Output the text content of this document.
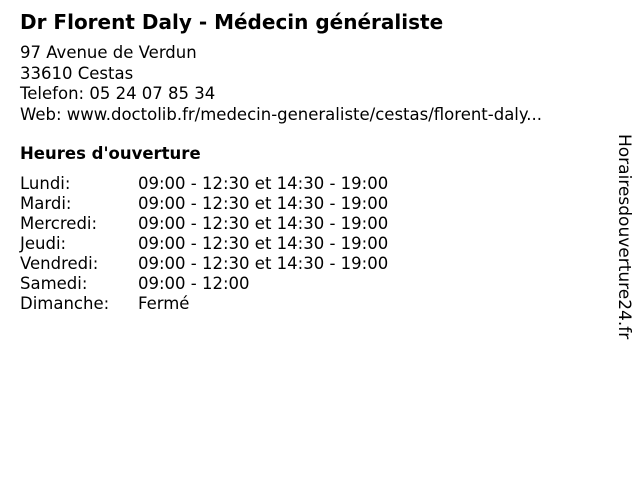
Dr Florent Daly - Médecin généraliste
97 Avenue de Verdun
33610 Cestas
Telefon: 05 24 07 85 34
Web: www.doctolib.fr/medecin-generaliste/cestas/florent-daly...
Heures d'ouverture
Lundi:	09:00 - 12:30 et 14:30 - 19:00
Mardi:	09:00 - 12:30 et 14:30 - 19:00
Mercredi:	09:00 - 12:30 et 14:30 - 19:00
Jeudi:	09:00 - 12:30 et 14:30 - 19:00
Vendredi:	09:00 - 12:30 et 14:30 - 19:00
Samedi:	09:00 - 12:00
Dimanche:	Fermé	Horairesdouverture24.fr
